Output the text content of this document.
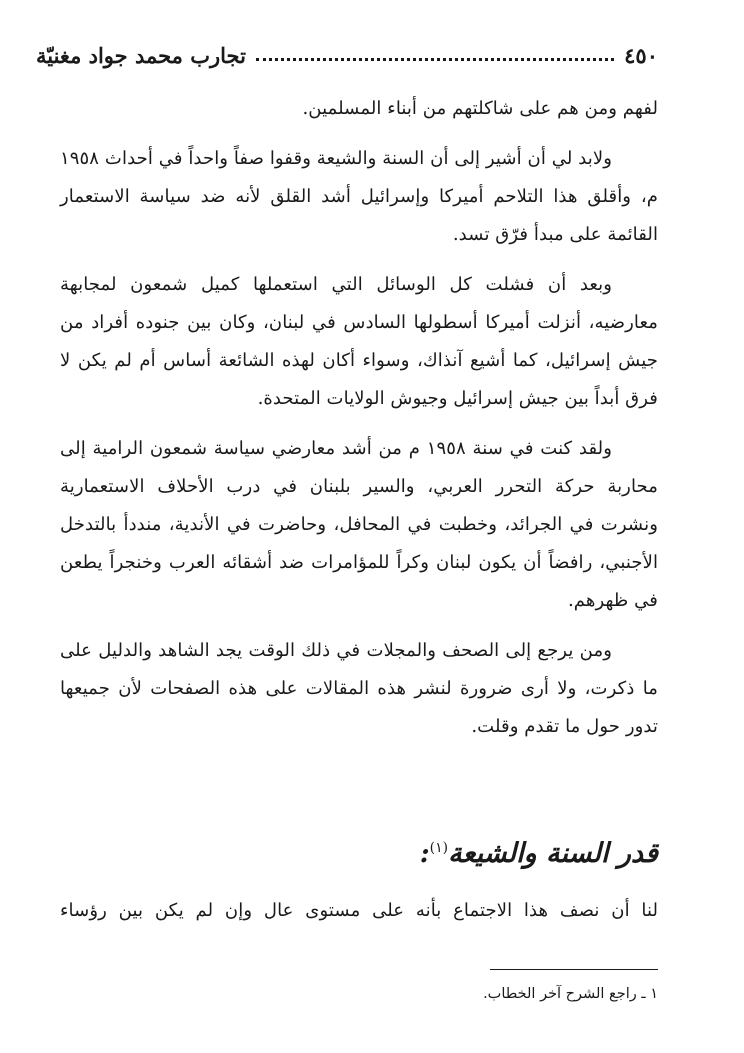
٤٥٠
تجارب محمد جواد مغنيّة

لفهم ومن هم على شاكلتهم من أبناء المسلمين.

ولابد لي أن أشير إلى أن السنة والشيعة وقفوا صفاً واحداً في أحداث ١٩٥٨ م، وأقلق هذا التلاحم أميركا وإسرائيل أشد القلق لأنه ضد سياسة الاستعمار القائمة على مبدأ فرّق تسد.

وبعد أن فشلت كل الوسائل التي استعملها كميل شمعون لمجابهة معارضيه، أنزلت أميركا أسطولها السادس في لبنان، وكان بين جنوده أفراد من جيش إسرائيل، كما أشيع آنذاك، وسواء أكان لهذه الشائعة أساس أم لم يكن لا فرق أبداً بين جيش إسرائيل وجيوش الولايات المتحدة.

ولقد كنت في سنة ١٩٥٨ م من أشد معارضي سياسة شمعون الرامية إلى محاربة حركة التحرر العربي، والسير بلبنان في درب الأحلاف الاستعمارية ونشرت في الجرائد، وخطبت في المحافل، وحاضرت في الأندية، منددأ بالتدخل الأجنبي، رافضاً أن يكون لبنان وكراً للمؤامرات ضد أشقائه العرب وخنجراً يطعن في ظهرهم.

ومن يرجع إلى الصحف والمجلات في ذلك الوقت يجد الشاهد والدليل على ما ذكرت، ولا أرى ضرورة لنشر هذه المقالات على هذه الصفحات لأن جميعها تدور حول ما تقدم وقلت.

قدر السنة والشيعة$^{(١)}$:

لنا أن نصف هذا الاجتماع بأنه على مستوى عال وإن لم يكن بين رؤساء

١ ـ راجع الشرح آخر الخطاب.
